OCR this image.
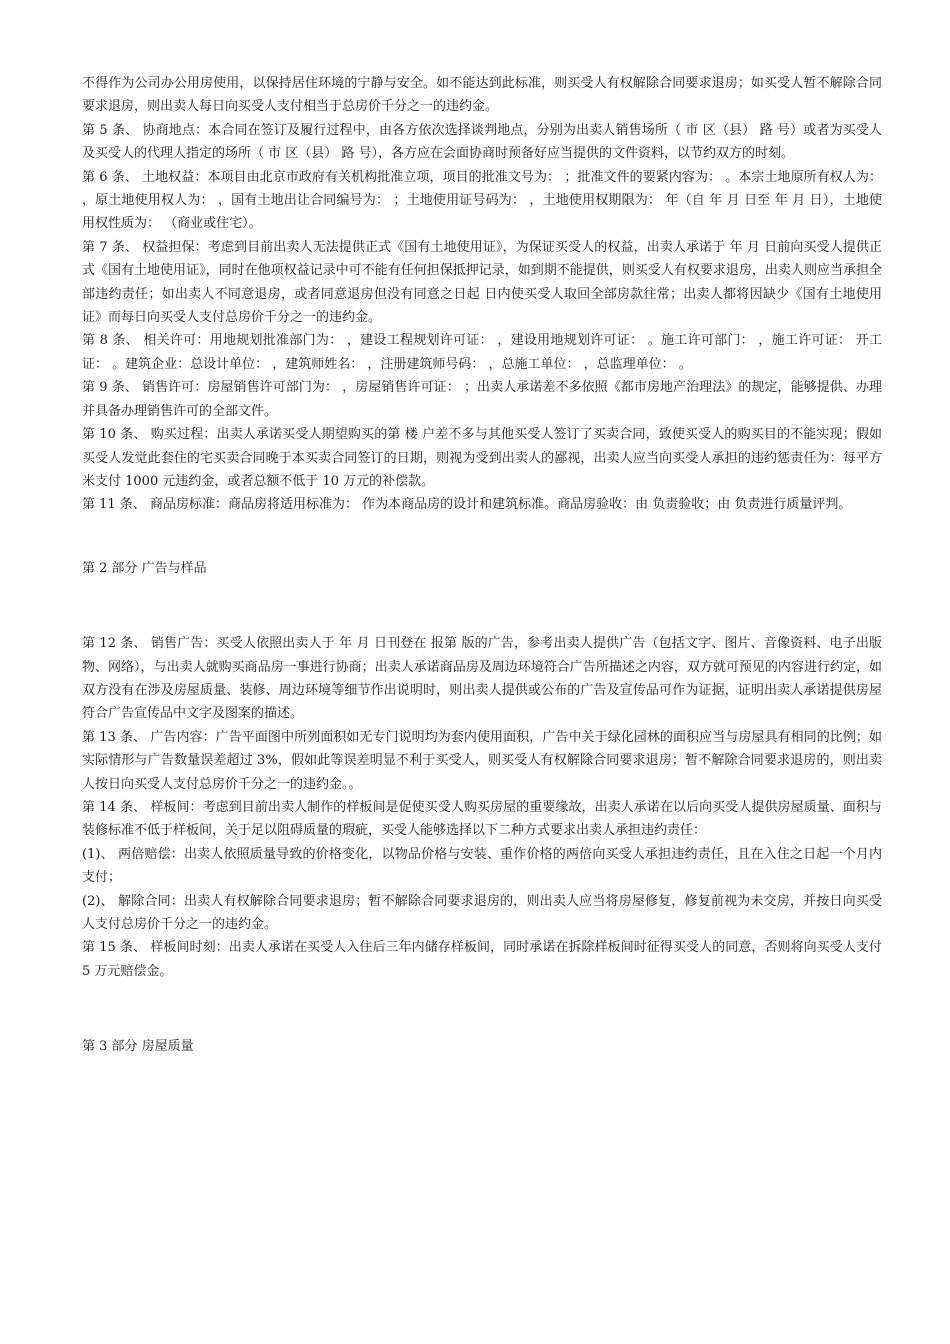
不得作为公司办公用房使用，以保持居住环境的宁静与安全。如不能达到此标准，则买受人有权解除合同要求退房；如买受人暂不解除合同要求退房，则出卖人每日向买受人支付相当于总房价千分之一的违约金。

第 5 条、 协商地点：本合同在签订及履行过程中，由各方依次选择谈判地点，分别为出卖人销售场所（ 市 区（县） 路 号）或者为买受人及买受人的代理人指定的场所（ 市 区（县） 路 号），各方应在会面协商时预备好应当提供的文件资料，以节约双方的时刻。

第 6 条、 土地权益：本项目由北京市政府有关机构批准立项，项目的批准文号为： ；批准文件的要紧内容为： 。本宗土地原所有权人为： ，原土地使用权人为： ，国有土地出让合同编号为： ；土地使用证号码为： ，土地使用权期限为： 年（自 年 月 日至 年 月 日），土地使用权性质为： （商业或住宅）。

第 7 条、 权益担保：考虑到目前出卖人无法提供正式《国有土地使用证》，为保证买受人的权益，出卖人承诺于 年 月 日前向买受人提供正式《国有土地使用证》，同时在他项权益记录中可不能有任何担保抵押记录，如到期不能提供，则买受人有权要求退房，出卖人则应当承担全部违约责任；如出卖人不同意退房，或者同意退房但没有同意之日起 日内使买受人取回全部房款往常；出卖人都将因缺少《国有土地使用证》而每日向买受人支付总房价千分之一的违约金。

第 8 条、 相关许可：用地规划批准部门为： ，建设工程规划许可证： ，建设用地规划许可证： 。施工许可部门： ，施工许可证： 开工证： 。建筑企业：总设计单位： ，建筑师姓名： ，注册建筑师号码： ，总施工单位： ，总监理单位： 。

第 9 条、 销售许可：房屋销售许可部门为： ，房屋销售许可证： ；出卖人承诺差不多依照《都市房地产治理法》的规定，能够提供、办理并具备办理销售许可的全部文件。

第 10 条、 购买过程：出卖人承诺买受人期望购买的第 楼 户差不多与其他买受人签订了买卖合同，致使买受人的购买目的不能实现；假如买受人发觉此套住的宅买卖合同晚于本买卖合同签订的日期，则视为受到出卖人的鄙视，出卖人应当向买受人承担的违约惩责任为：每平方米支付 1000 元违约金，或者总额不低于 10 万元的补偿款。

第 11 条、 商品房标准：商品房将适用标准为： 作为本商品房的设计和建筑标准。商品房验收：由 负责验收；由 负责进行质量评判。

第 2 部分 广告与样品

第 12 条、 销售广告：买受人依照出卖人于 年 月 日刊登在 报第 版的广告，参考出卖人提供广告（包括文字、图片、音像资料、电子出版物、网络），与出卖人就购买商品房一事进行协商；出卖人承诺商品房及周边环境符合广告所描述之内容，双方就可预见的内容进行约定，如双方没有在涉及房屋质量、装修、周边环境等细节作出说明时，则出卖人提供或公布的广告及宣传品可作为证据，证明出卖人承诺提供房屋符合广告宣传品中文字及图案的描述。

第 13 条、 广告内容：广告平面图中所列面积如无专门说明均为套内使用面积，广告中关于绿化园林的面积应当与房屋具有相同的比例；如实际情形与广告数量误差超过 3%，假如此等误差明显不利于买受人，则买受人有权解除合同要求退房；暂不解除合同要求退房的，则出卖人按日向买受人支付总房价千分之一的违约金。。

第 14 条、 样板间：考虑到目前出卖人制作的样板间是促使买受人购买房屋的重要缘故，出卖人承诺在以后向买受人提供房屋质量、面积与装修标准不低于样板间，关于足以阻碍质量的瑕疵，买受人能够选择以下二种方式要求出卖人承担违约责任：

(1)、 两倍赔偿：出卖人依照质量导致的价格变化，以物品价格与安装、重作价格的两倍向买受人承担违约责任，且在入住之日起一个月内支付；

(2)、 解除合同：出卖人有权解除合同要求退房；暂不解除合同要求退房的，则出卖人应当将房屋修复，修复前视为未交房，并按日向买受人支付总房价千分之一的违约金。

第 15 条、 样板间时刻：出卖人承诺在买受人入住后三年内储存样板间，同时承诺在拆除样板间时征得买受人的同意，否则将向买受人支付 5 万元赔偿金。

第 3 部分 房屋质量
